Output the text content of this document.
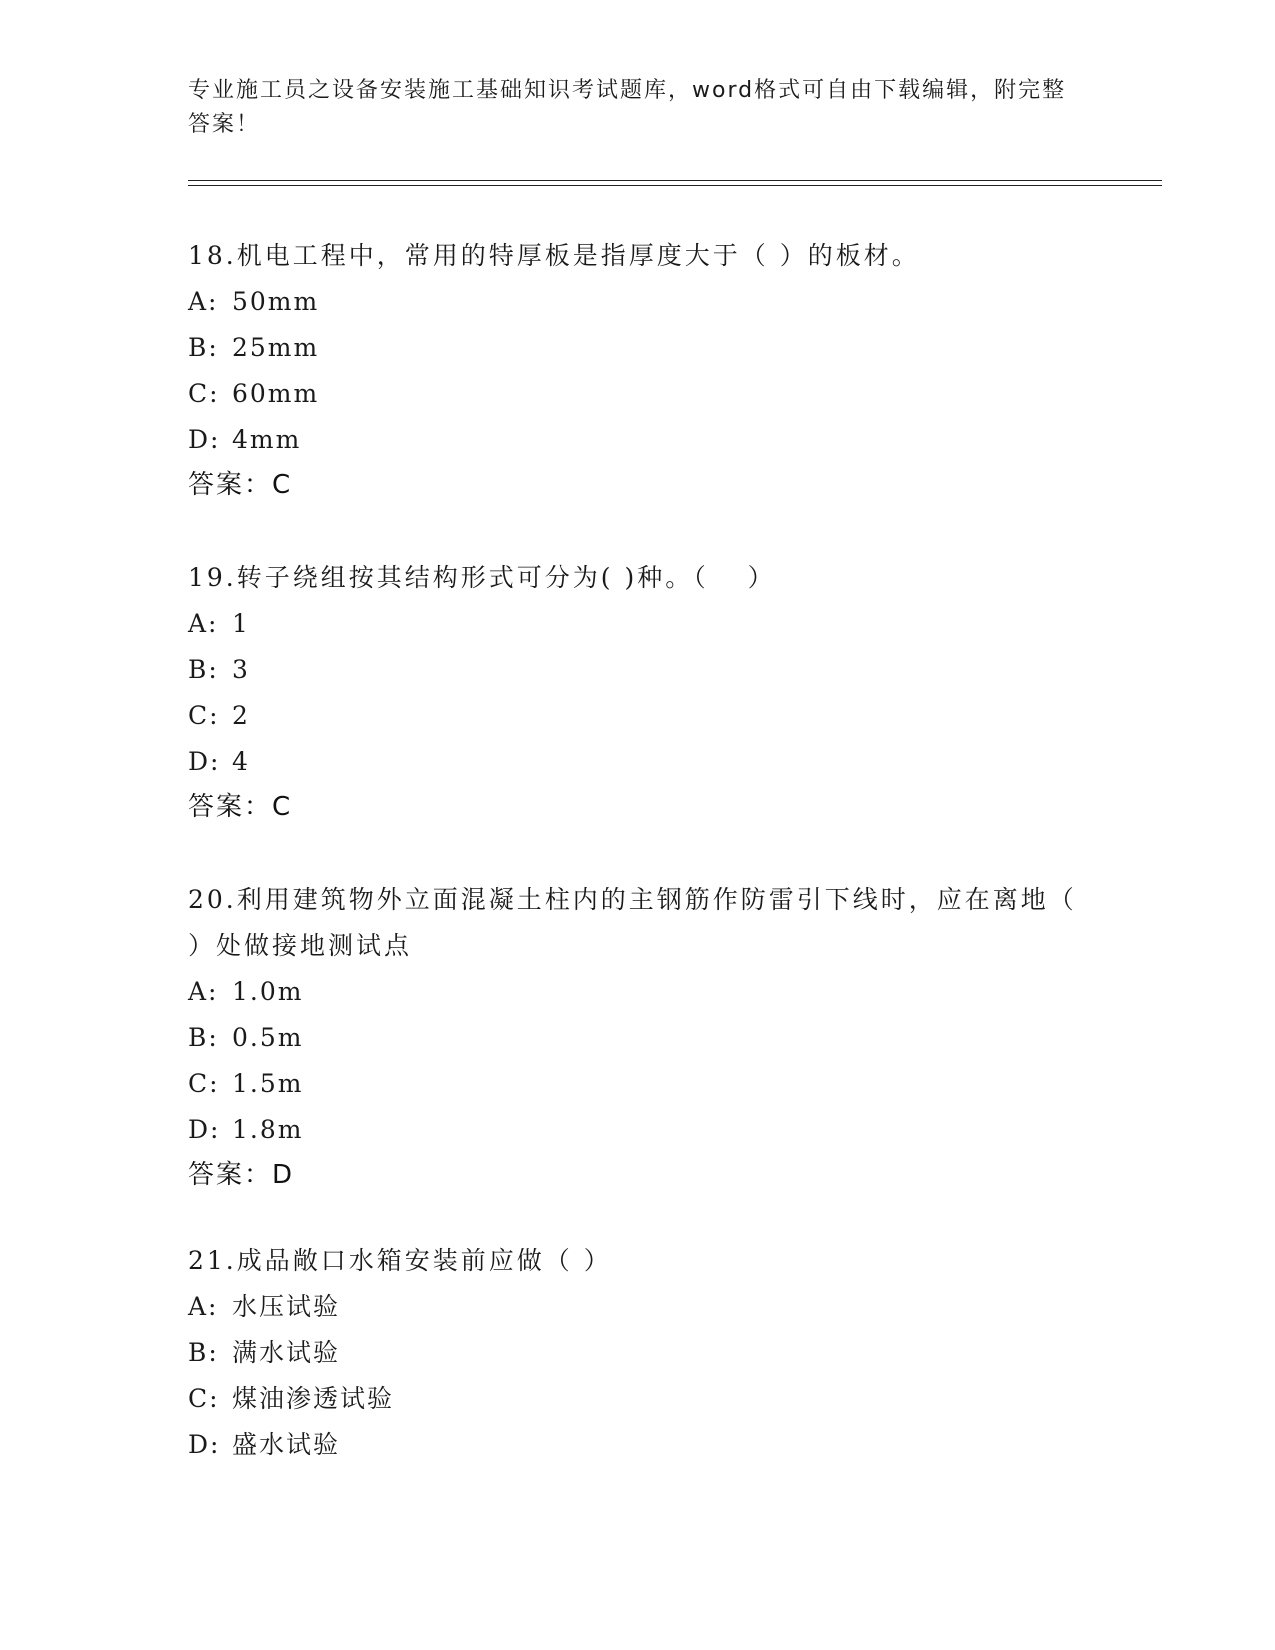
专业施工员之设备安装施工基础知识考试题库，word格式可自由下载编辑，附完整答案！
18.机电工程中，常用的特厚板是指厚度大于（ ）的板材。
A: 50mm
B: 25mm
C: 60mm
D: 4mm
答案：C
19.转子绕组按其结构形式可分为( )种。（　 ）
A: 1
B: 3
C: 2
D: 4
答案：C
20.利用建筑物外立面混凝土柱内的主钢筋作防雷引下线时，应在离地（ ）处做接地测试点
A: 1.0m
B: 0.5m
C: 1.5m
D: 1.8m
答案：D
21.成品敞口水箱安装前应做（ ）
A: 水压试验
B: 满水试验
C: 煤油渗透试验
D: 盛水试验
